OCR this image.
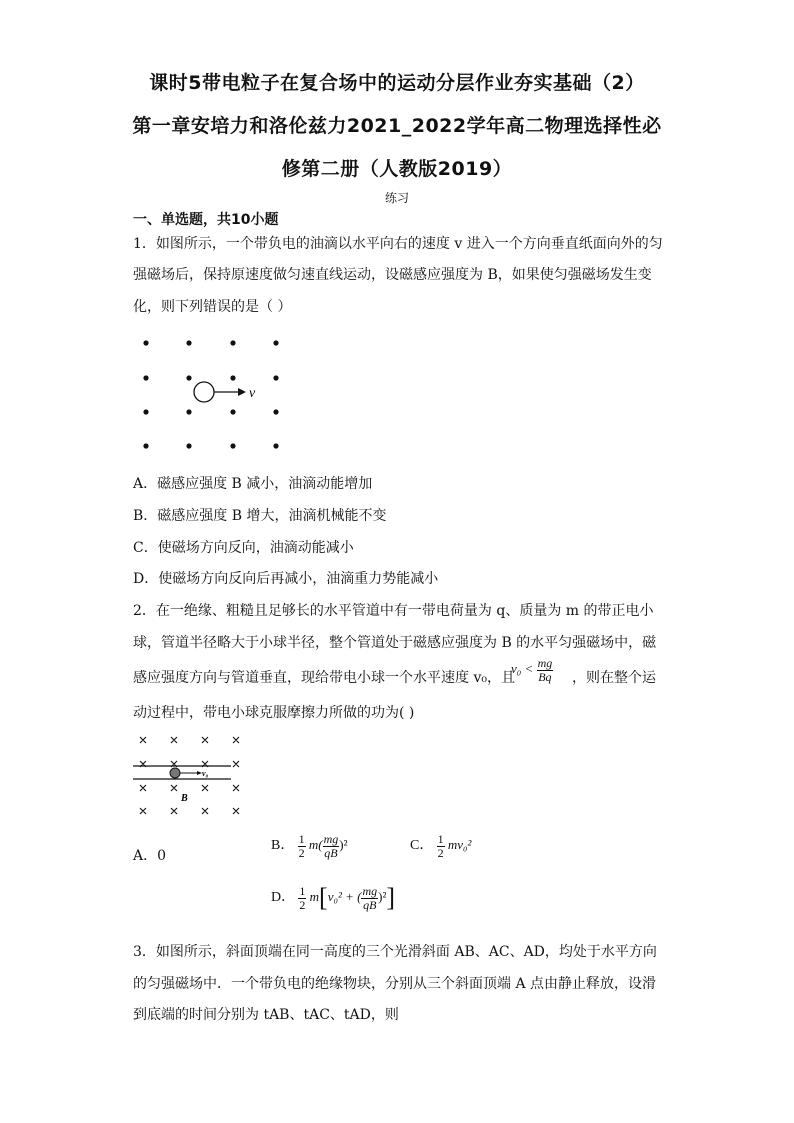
课时5带电粒子在复合场中的运动分层作业夯实基础（2）
第一章安培力和洛伦兹力2021_2022学年高二物理选择性必
修第二册（人教版2019）
练习
一、单选题，共10小题
1．如图所示，一个带负电的油滴以水平向右的速度 v 进入一个方向垂直纸面向外的匀
强磁场后，保持原速度做匀速直线运动，设磁感应强度为 B，如果使匀强磁场发生变
化，则下列错误的是（ ）
v
A．磁感应强度 B 减小，油滴动能增加
B．磁感应强度 B 增大，油滴机械能不变
C．使磁场方向反向，油滴动能减小
D．使磁场方向反向后再减小，油滴重力势能减小
2．在一绝缘、粗糙且足够长的水平管道中有一带电荷量为 q、质量为 m 的带正电小
球，管道半径略大于小球半径，整个管道处于磁感应强度为 B 的水平匀强磁场中，磁
感应强度方向与管道垂直，现给带电小球一个水平速度 v₀，且
$v_0 < \frac{mg}{Bq}$ ，则在整个运
动过程中，带电小球克服摩擦力所做的功为( )
v₀
B
A．0
B． $\frac{1}{2} m( \frac{mg}{qB} )^2$	C． $\frac{1}{2} mv_0^2$
D． $\frac{1}{2} m[v_0^2$ + ( $\frac{mg}{qB} )^2$]
3．如图所示，斜面顶端在同一高度的三个光滑斜面 AB、AC、AD，均处于水平方向
的匀强磁场中．一个带负电的绝缘物块，分别从三个斜面顶端 A 点由静止释放，设滑
到底端的时间分别为 tAB、tAC、tAD，则
